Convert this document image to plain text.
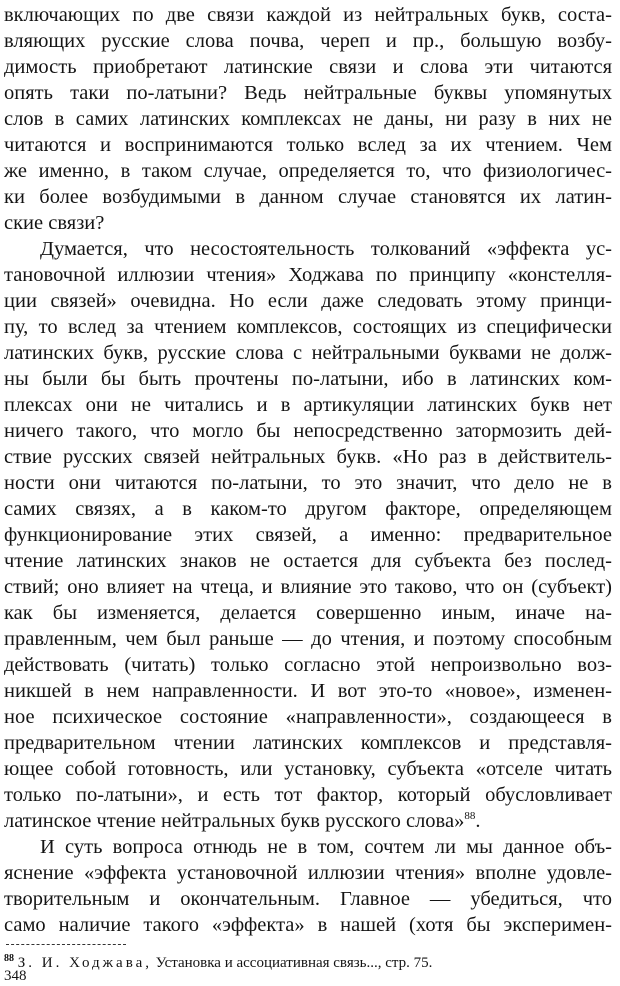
включающих по две связи каждой из нейтральных букв, соста-
вляющих русские слова почва, череп и пр., большую возбу-
димость приобретают латинские связи и слова эти читаются
опять таки по-латыни? Ведь нейтральные буквы упомянутых
слов в самих латинских комплексах не даны, ни разу в них не
читаются и воспринимаются только вслед за их чтением. Чем
же именно, в таком случае, определяется то, что физиологичес-
ки более возбудимыми в данном случае становятся их латин-
ские связи?
Думается, что несостоятельность толкований «эффекта ус-
тановочной иллюзии чтения» Ходжава по принципу «констелля-
ции связей» очевидна. Но если даже следовать этому принци-
пу, то вслед за чтением комплексов, состоящих из специфически
латинских букв, русские слова с нейтральными буквами не долж-
ны были бы быть прочтены по-латыни, ибо в латинских ком-
плексах они не читались и в артикуляции латинских букв нет
ничего такого, что могло бы непосредственно затормозить дей-
ствие русских связей нейтральных букв. «Но раз в действитель-
ности они читаются по-латыни, то это значит, что дело не в
самих связях, а в каком-то другом факторе, определяющем
функционирование этих связей, а именно: предварительное
чтение латинских знаков не остается для субъекта без послед-
ствий; оно влияет на чтеца, и влияние это таково, что он (субъект)
как бы изменяется, делается совершенно иным, иначе на-
правленным, чем был раньше — до чтения, и поэтому способным
действовать (читать) только согласно этой непроизвольно воз-
никшей в нем направленности. И вот это-то «новое», изменен-
ное психическое состояние «направленности», создающееся в
предварительном чтении латинских комплексов и представля-
ющее собой готовность, или установку, субъекта «отселе читать
только по-латыни», и есть тот фактор, который обусловливает
латинское чтение нейтральных букв русского слова»$^{88}$.
И суть вопроса отнюдь не в том, сочтем ли мы данное объ-
яснение «эффекта установочной иллюзии чтения» вполне удовле-
творительным и окончательным. Главное — убедиться, что
само наличие такого «эффекта» в нашей (хотя бы эксперимен-
$^{88}$ З. И. Ходжава, Установка и ассоциативная связь..., стр. 75.
348
